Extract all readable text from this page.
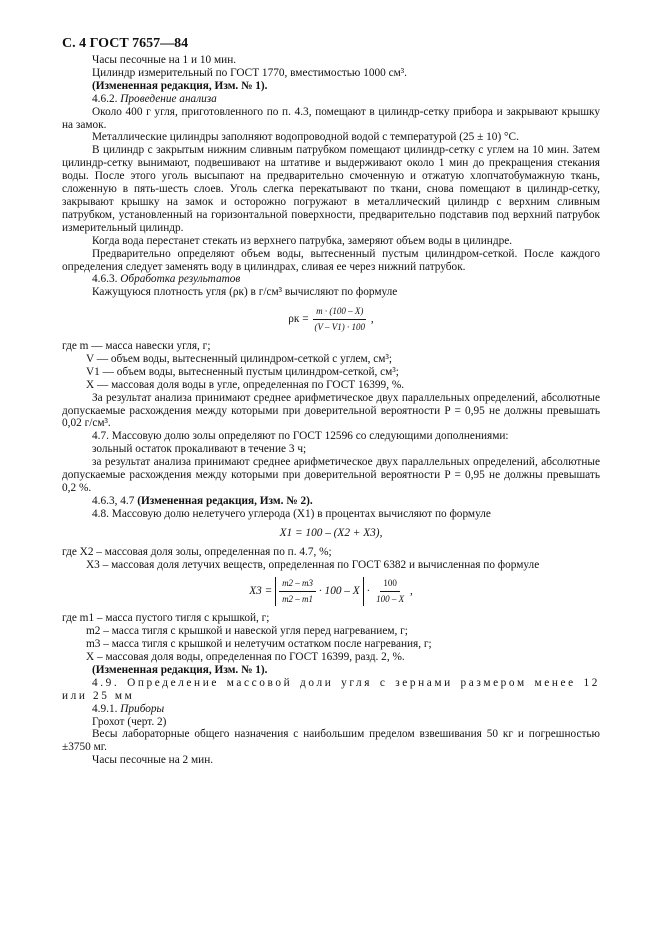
С. 4 ГОСТ 7657—84

Часы песочные на 1 и 10 мин.

Цилиндр измерительный по ГОСТ 1770, вместимостью 1000 см³.

(Измененная редакция, Изм. № 1).

4.6.2. Проведение анализа

Около 400 г угля, приготовленного по п. 4.3, помещают в цилиндр-сетку прибора и закрывают крышку на замок.

Металлические цилиндры заполняют водопроводной водой с температурой (25 ± 10) °С.

В цилиндр с закрытым нижним сливным патрубком помещают цилиндр-сетку с углем на 10 мин. Затем цилиндр-сетку вынимают, подвешивают на штативе и выдерживают около 1 мин до прекращения стекания воды. После этого уголь высыпают на предварительно смоченную и отжатую хлопчатобумажную ткань, сложенную в пять-шесть слоев. Уголь слегка перекатывают по ткани, снова помещают в цилиндр-сетку, закрывают крышку на замок и осторожно погружают в металлический цилиндр с верхним сливным патрубком, установленный на горизонтальной поверхности, предварительно подставив под верхний патрубок измерительный цилиндр.

Когда вода перестанет стекать из верхнего патрубка, замеряют объем воды в цилиндре.

Предварительно определяют объем воды, вытесненный пустым цилиндром-сеткой. После каждого определения следует заменять воду в цилиндрах, сливая ее через нижний патрубок.

4.6.3. Обработка результатов

Кажущуюся плотность угля (ρк) в г/см³ вычисляют по формуле

$\rho к = \frac{m \cdot (100 - X)}{(V - V1) \cdot 100}$ ,

где m — масса навески угля, г;

V — объем воды, вытесненный цилиндром-сеткой с углем, см³;

V1 — объем воды, вытесненный пустым цилиндром-сеткой, см³;

X — массовая доля воды в угле, определенная по ГОСТ 16399, %.

За результат анализа принимают среднее арифметическое двух параллельных определений, абсолютные допускаемые расхождения между которыми при доверительной вероятности P = 0,95 не должны превышать 0,02 г/см³.

4.7. Массовую долю золы определяют по ГОСТ 12596 со следующими дополнениями:

зольный остаток прокаливают в течение 3 ч;

за результат анализа принимают среднее арифметическое двух параллельных определений, абсолютные допускаемые расхождения между которыми при доверительной вероятности P = 0,95 не должны превышать 0,2 %.

4.6.3, 4.7 (Измененная редакция, Изм. № 2).

4.8. Массовую долю нелетучего углерода (X1) в процентах вычисляют по формуле

X1 = 100 – (X2 + X3),

где X2 – массовая доля золы, определенная по п. 4.7, %;

X3 – массовая доля летучих веществ, определенная по ГОСТ 6382 и вычисленная по формуле

$X3 = \frac{m2 - m3}{m2 - m1} \cdot 100 - X \cdot \frac{100}{100 - X}$ ,

где m1 – масса пустого тигля с крышкой, г;

m2 – масса тигля с крышкой и навеской угля перед нагреванием, г;

m3 – масса тигля с крышкой и нелетучим остатком после нагревания, г;

X – массовая доля воды, определенная по ГОСТ 16399, разд. 2, %.

(Измененная редакция, Изм. № 1).

4.9. Определение массовой доли угля с зернами размером менее 12 или 25 мм

4.9.1. Приборы

Грохот (черт. 2)

Весы лабораторные общего назначения с наибольшим пределом взвешивания 50 кг и погрешностью ±3750 мг.

Часы песочные на 2 мин.
